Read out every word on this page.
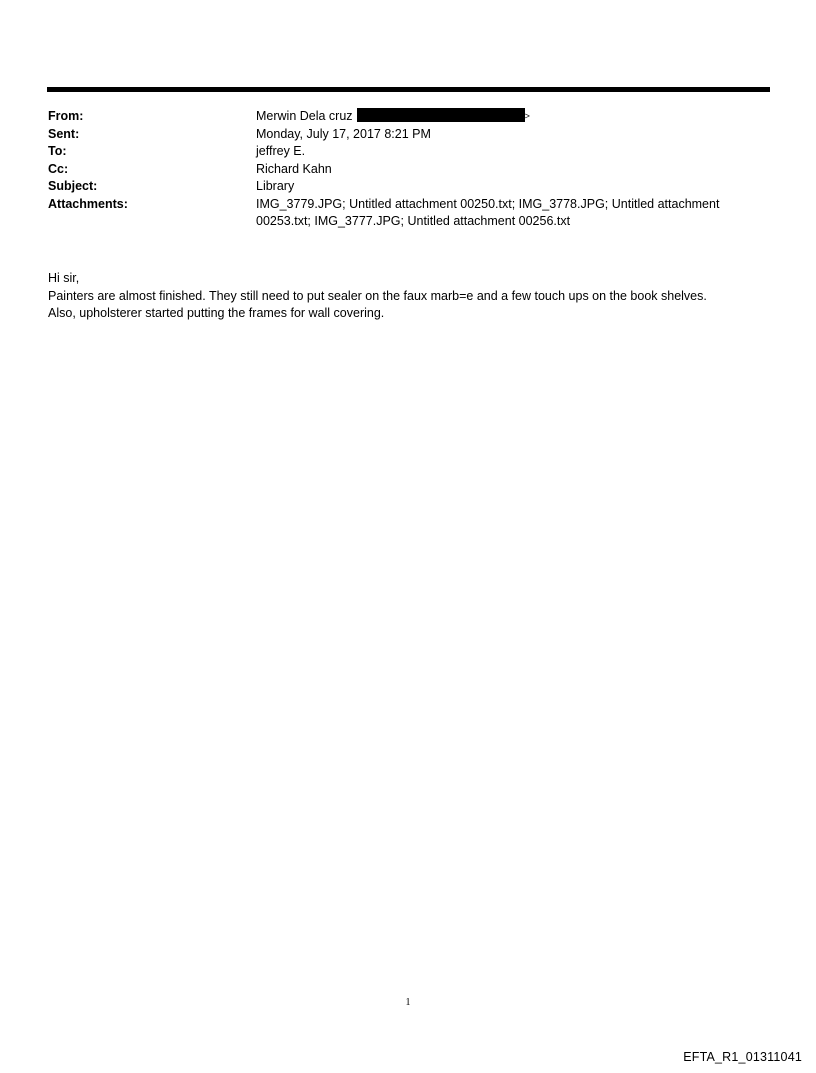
From:	Merwin Dela cruz	>
Sent:	Monday, July 17, 2017 8:21 PM
To:	jeffrey E.
Cc:	Richard Kahn
Subject:	Library
Attachments:	IMG_3779.JPG; Untitled attachment 00250.txt; IMG_3778.JPG; Untitled attachment 00253.txt; IMG_3777.JPG; Untitled attachment 00256.txt

Hi sir,

Painters are almost finished. They still need to put sealer on the faux marb=e and a few touch ups on the book shelves.

Also, upholsterer started putting the frames for wall covering.

1
EFTA_R1_01311041
